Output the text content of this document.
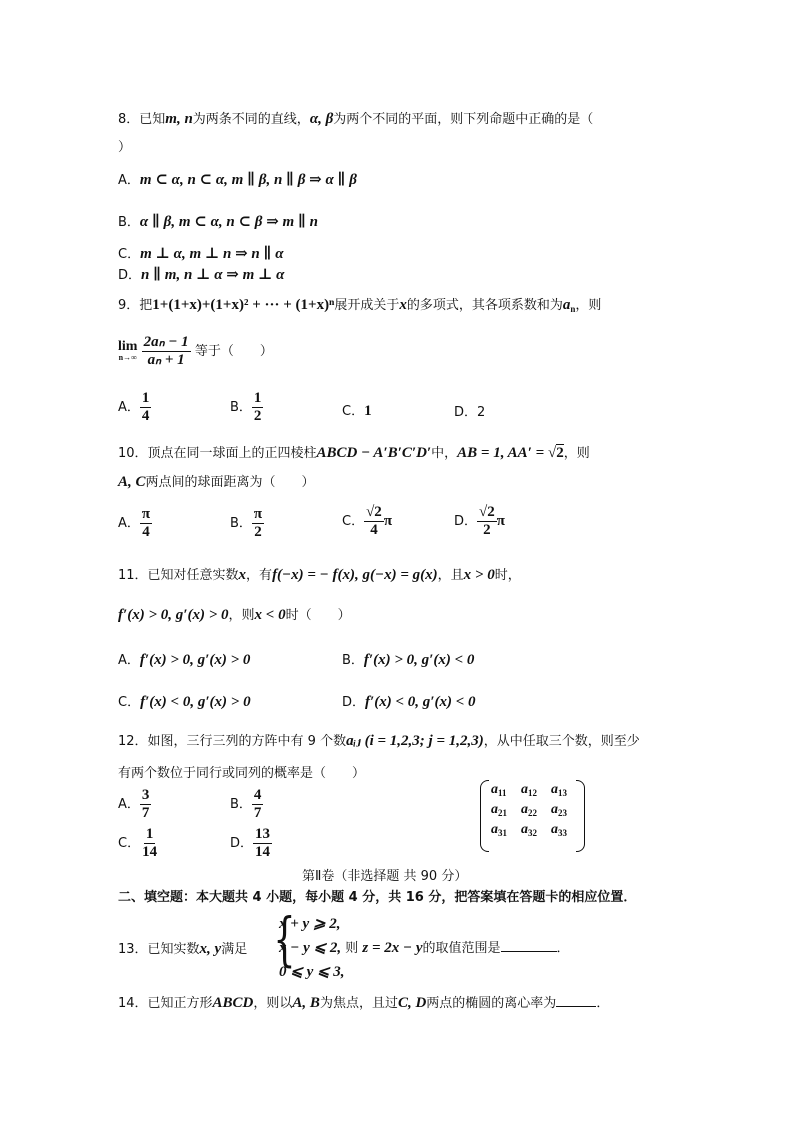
8．已知m, n为两条不同的直线，α, β为两个不同的平面，则下列命题中正确的是（
）
A．m ⊂ α, n ⊂ α, m ∥ β, n ∥ β ⇒ α ∥ β
B．α ∥ β, m ⊂ α, n ⊂ β ⇒ m ∥ n
C．m ⊥ α, m ⊥ n ⇒ n ∥ α
D．n ∥ m, n ⊥ α ⇒ m ⊥ α
9．把1+(1+x)+(1+x)² + ··· + (1+x)ⁿ展开成关于x的多项式，其各项系数和为$a_n$，则
lim
n→∞
$\frac{\text{2aₙ − 1}}{\text{aₙ + 1}}$ 等于（　　）
A． $\frac{1}{4}$	B． $\frac{1}{2}$	C．1	D．2
10．顶点在同一球面上的正四棱柱ABCD − A′B′C′D′中，AB = 1, AA′ = √2，则
A, C两点间的球面距离为（　　）
A． $\frac{\pi}{4}$	B． $\frac{\pi}{2}$	C． $\frac{√2}{4}$ π	D． $\frac{√2}{2}$ π
11．已知对任意实数x，有f(−x) = − f(x), g(−x) = g(x)，且x > 0时，
f′(x) > 0, g′(x) > 0，则x < 0时（　　）
A．f′(x) > 0, g′(x) > 0	B．f′(x) > 0, g′(x) < 0
C．f′(x) < 0, g′(x) > 0	D．f′(x) < 0, g′(x) < 0
12．如图，三行三列的方阵中有 9 个数aᵢⱼ (i = 1,2,3; j = 1,2,3)，从中任取三个数，则至少
有两个数位于同行或同列的概率是（　　）
A． $\frac{3}{7}$	B． $\frac{4}{7}$
C． $\frac{1}{14}$	D． $\frac{13}{14}$
$a_{11}$	$a_{12}$	$a_{13}$
$a_{21}$	$a_{22}$	$a_{23}$
$a_{31}$	$a_{32}$	$a_{33}$
第Ⅱ卷（非选择题 共 90 分）
二、填空题：本大题共 4 小题，每小题 4 分，共 16 分，把答案填在答题卡的相应位置．
13．已知实数x, y满足 {
x + y ⩾ 2,
x − y ⩽ 2, 则 z = 2x − y的取值范围是	．
0 ⩽ y ⩽ 3,
14．已知正方形ABCD，则以A, B为焦点，且过C, D两点的椭圆的离心率为	．
